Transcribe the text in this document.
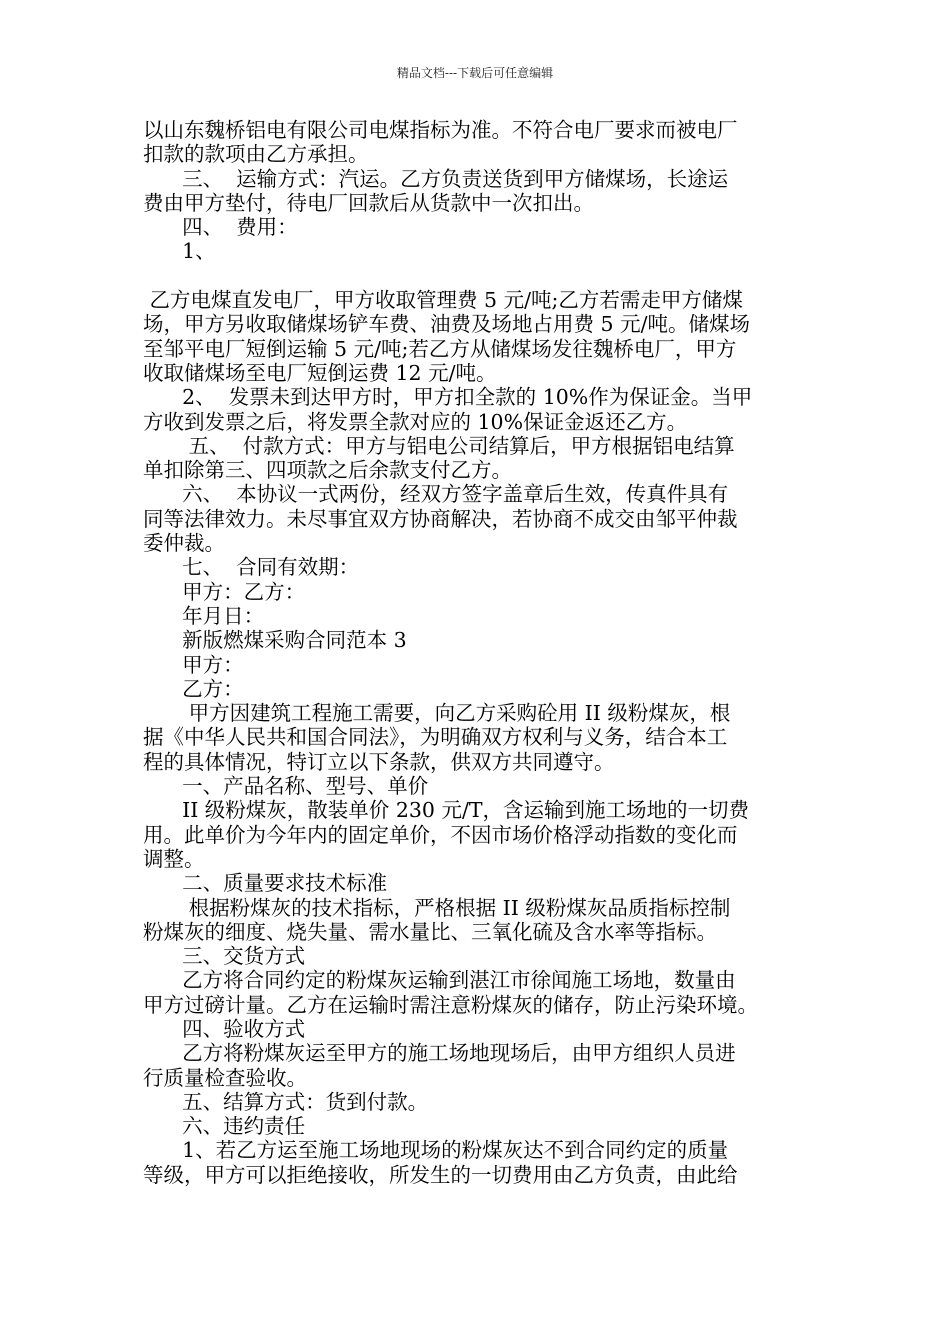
精品文档---下载后可任意编辑
以山东魏桥铝电有限公司电煤指标为准。不符合电厂要求而被电厂
扣款的款项由乙方承担。
三、  运输方式：汽运。乙方负责送货到甲方储煤场，长途运
费由甲方垫付，待电厂回款后从货款中一次扣出。
四、  费用：
1、
乙方电煤直发电厂，甲方收取管理费 5 元/吨;乙方若需走甲方储煤
场，甲方另收取储煤场铲车费、油费及场地占用费 5 元/吨。储煤场
至邹平电厂短倒运输 5 元/吨;若乙方从储煤场发往魏桥电厂，甲方
收取储煤场至电厂短倒运费 12 元/吨。
2、  发票未到达甲方时，甲方扣全款的 10%作为保证金。当甲
方收到发票之后，将发票全款对应的 10%保证金返还乙方。
五、  付款方式：甲方与铝电公司结算后，甲方根据铝电结算
单扣除第三、四项款之后余款支付乙方。
六、  本协议一式两份，经双方签字盖章后生效，传真件具有
同等法律效力。未尽事宜双方协商解决，若协商不成交由邹平仲裁
委仲裁。
七、  合同有效期：
甲方：乙方：
年月日：
新版燃煤采购合同范本 3
甲方：
乙方：
甲方因建筑工程施工需要，向乙方采购砼用 II 级粉煤灰，根
据《中华人民共和国合同法》，为明确双方权利与义务，结合本工
程的具体情况，特订立以下条款，供双方共同遵守。
一、产品名称、型号、单价
II 级粉煤灰，散装单价 230 元/T，含运输到施工场地的一切费
用。此单价为今年内的固定单价，不因市场价格浮动指数的变化而
调整。
二、质量要求技术标准
根据粉煤灰的技术指标，严格根据 II 级粉煤灰品质指标控制
粉煤灰的细度、烧失量、需水量比、三氧化硫及含水率等指标。
三、交货方式
乙方将合同约定的粉煤灰运输到湛江市徐闻施工场地，数量由
甲方过磅计量。乙方在运输时需注意粉煤灰的储存，防止污染环境。
四、验收方式
乙方将粉煤灰运至甲方的施工场地现场后，由甲方组织人员进
行质量检查验收。
五、结算方式：货到付款。
六、违约责任
1、若乙方运至施工场地现场的粉煤灰达不到合同约定的质量
等级，甲方可以拒绝接收，所发生的一切费用由乙方负责，由此给
